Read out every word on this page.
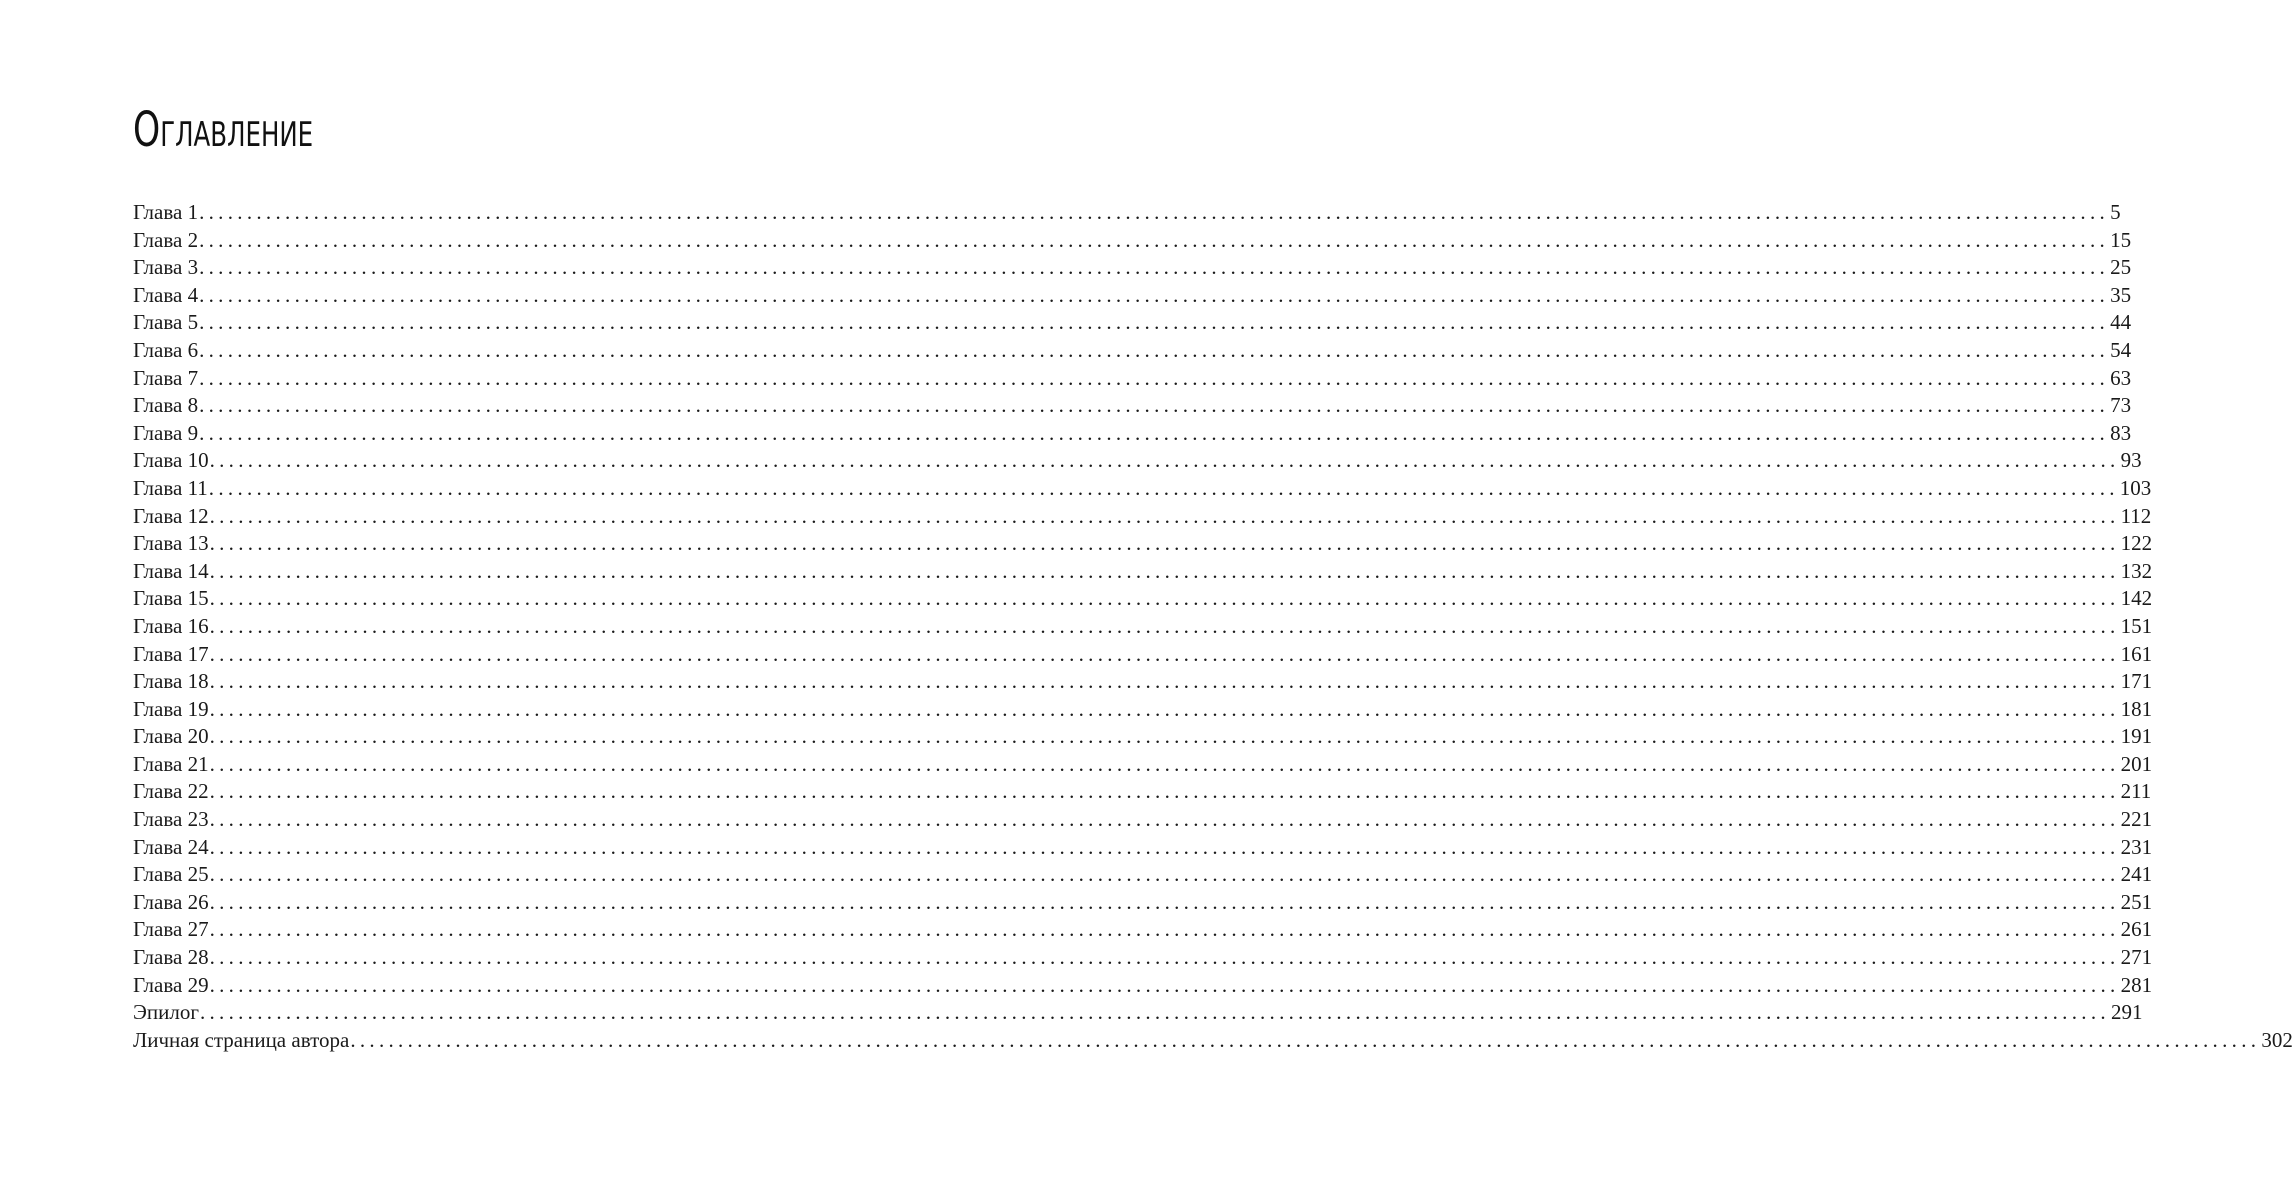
Оглавление
Глава 1 ........................................................................................................................................................................................................ 5
Глава 2 ........................................................................................................................................................................................................ 15
Глава 3 ........................................................................................................................................................................................................ 25
Глава 4 ........................................................................................................................................................................................................ 35
Глава 5 ........................................................................................................................................................................................................ 44
Глава 6 ........................................................................................................................................................................................................ 54
Глава 7 ........................................................................................................................................................................................................ 63
Глава 8 ........................................................................................................................................................................................................ 73
Глава 9 ........................................................................................................................................................................................................ 83
Глава 10 ........................................................................................................................................................................................................ 93
Глава 11 ........................................................................................................................................................................................................ 103
Глава 12 ........................................................................................................................................................................................................ 112
Глава 13 ........................................................................................................................................................................................................ 122
Глава 14 ........................................................................................................................................................................................................ 132
Глава 15 ........................................................................................................................................................................................................ 142
Глава 16 ........................................................................................................................................................................................................ 151
Глава 17 ........................................................................................................................................................................................................ 161
Глава 18 ........................................................................................................................................................................................................ 171
Глава 19 ........................................................................................................................................................................................................ 181
Глава 20 ........................................................................................................................................................................................................ 191
Глава 21 ........................................................................................................................................................................................................ 201
Глава 22 ........................................................................................................................................................................................................ 211
Глава 23 ........................................................................................................................................................................................................ 221
Глава 24 ........................................................................................................................................................................................................ 231
Глава 25 ........................................................................................................................................................................................................ 241
Глава 26 ........................................................................................................................................................................................................ 251
Глава 27 ........................................................................................................................................................................................................ 261
Глава 28 ........................................................................................................................................................................................................ 271
Глава 29 ........................................................................................................................................................................................................ 281
Эпилог ........................................................................................................................................................................................................ 291
Личная страница автора ........................................................................................................................................................................................................ 302
